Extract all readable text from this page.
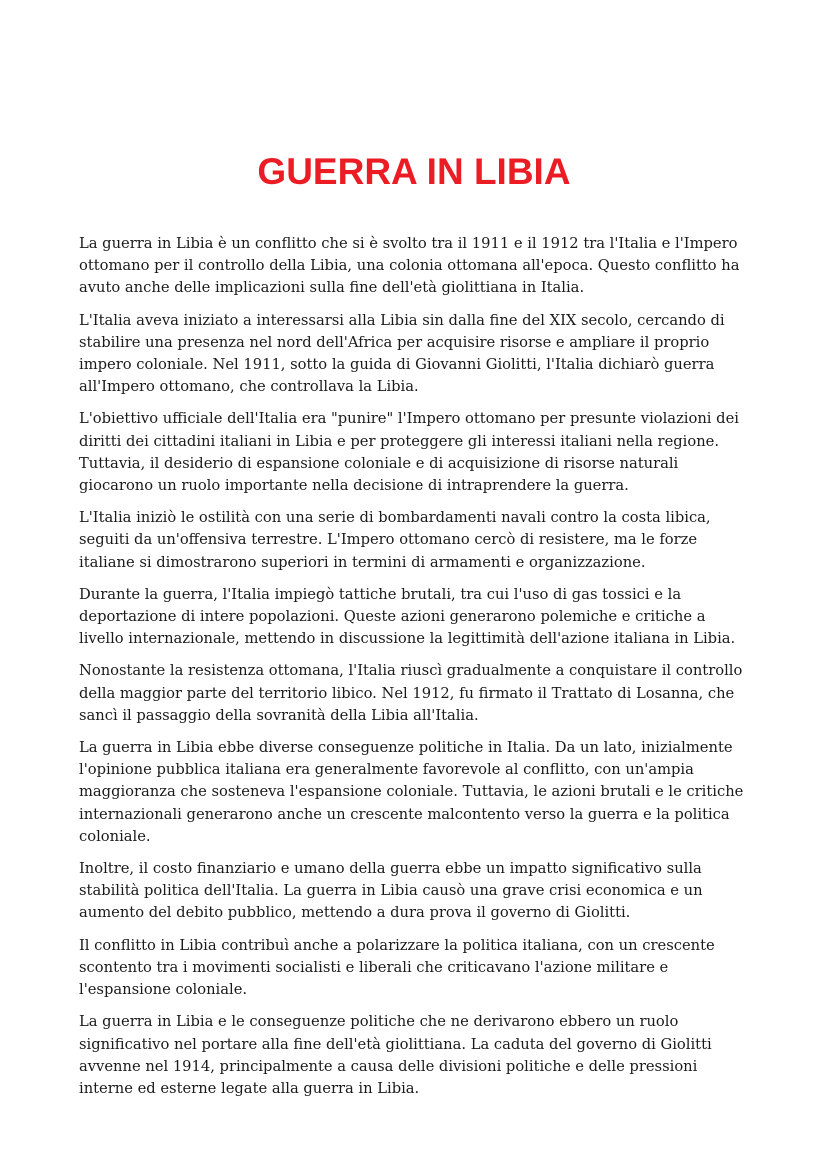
GUERRA IN LIBIA

La guerra in Libia è un conflitto che si è svolto tra il 1911 e il 1912 tra l'Italia e l'Impero ottomano per il controllo della Libia, una colonia ottomana all'epoca. Questo conflitto ha avuto anche delle implicazioni sulla fine dell'età giolittiana in Italia.

L'Italia aveva iniziato a interessarsi alla Libia sin dalla fine del XIX secolo, cercando di stabilire una presenza nel nord dell'Africa per acquisire risorse e ampliare il proprio impero coloniale. Nel 1911, sotto la guida di Giovanni Giolitti, l'Italia dichiarò guerra all'Impero ottomano, che controllava la Libia.

L'obiettivo ufficiale dell'Italia era "punire" l'Impero ottomano per presunte violazioni dei diritti dei cittadini italiani in Libia e per proteggere gli interessi italiani nella regione. Tuttavia, il desiderio di espansione coloniale e di acquisizione di risorse naturali giocarono un ruolo importante nella decisione di intraprendere la guerra.

L'Italia iniziò le ostilità con una serie di bombardamenti navali contro la costa libica, seguiti da un'offensiva terrestre. L'Impero ottomano cercò di resistere, ma le forze italiane si dimostrarono superiori in termini di armamenti e organizzazione.

Durante la guerra, l'Italia impiegò tattiche brutali, tra cui l'uso di gas tossici e la deportazione di intere popolazioni. Queste azioni generarono polemiche e critiche a livello internazionale, mettendo in discussione la legittimità dell'azione italiana in Libia.

Nonostante la resistenza ottomana, l'Italia riuscì gradualmente a conquistare il controllo della maggior parte del territorio libico. Nel 1912, fu firmato il Trattato di Losanna, che sancì il passaggio della sovranità della Libia all'Italia.

La guerra in Libia ebbe diverse conseguenze politiche in Italia. Da un lato, inizialmente l'opinione pubblica italiana era generalmente favorevole al conflitto, con un'ampia maggioranza che sosteneva l'espansione coloniale. Tuttavia, le azioni brutali e le critiche internazionali generarono anche un crescente malcontento verso la guerra e la politica coloniale.

Inoltre, il costo finanziario e umano della guerra ebbe un impatto significativo sulla stabilità politica dell'Italia. La guerra in Libia causò una grave crisi economica e un aumento del debito pubblico, mettendo a dura prova il governo di Giolitti.

Il conflitto in Libia contribuì anche a polarizzare la politica italiana, con un crescente scontento tra i movimenti socialisti e liberali che criticavano l'azione militare e l'espansione coloniale.

La guerra in Libia e le conseguenze politiche che ne derivarono ebbero un ruolo significativo nel portare alla fine dell'età giolittiana. La caduta del governo di Giolitti avvenne nel 1914, principalmente a causa delle divisioni politiche e delle pressioni interne ed esterne legate alla guerra in Libia.
